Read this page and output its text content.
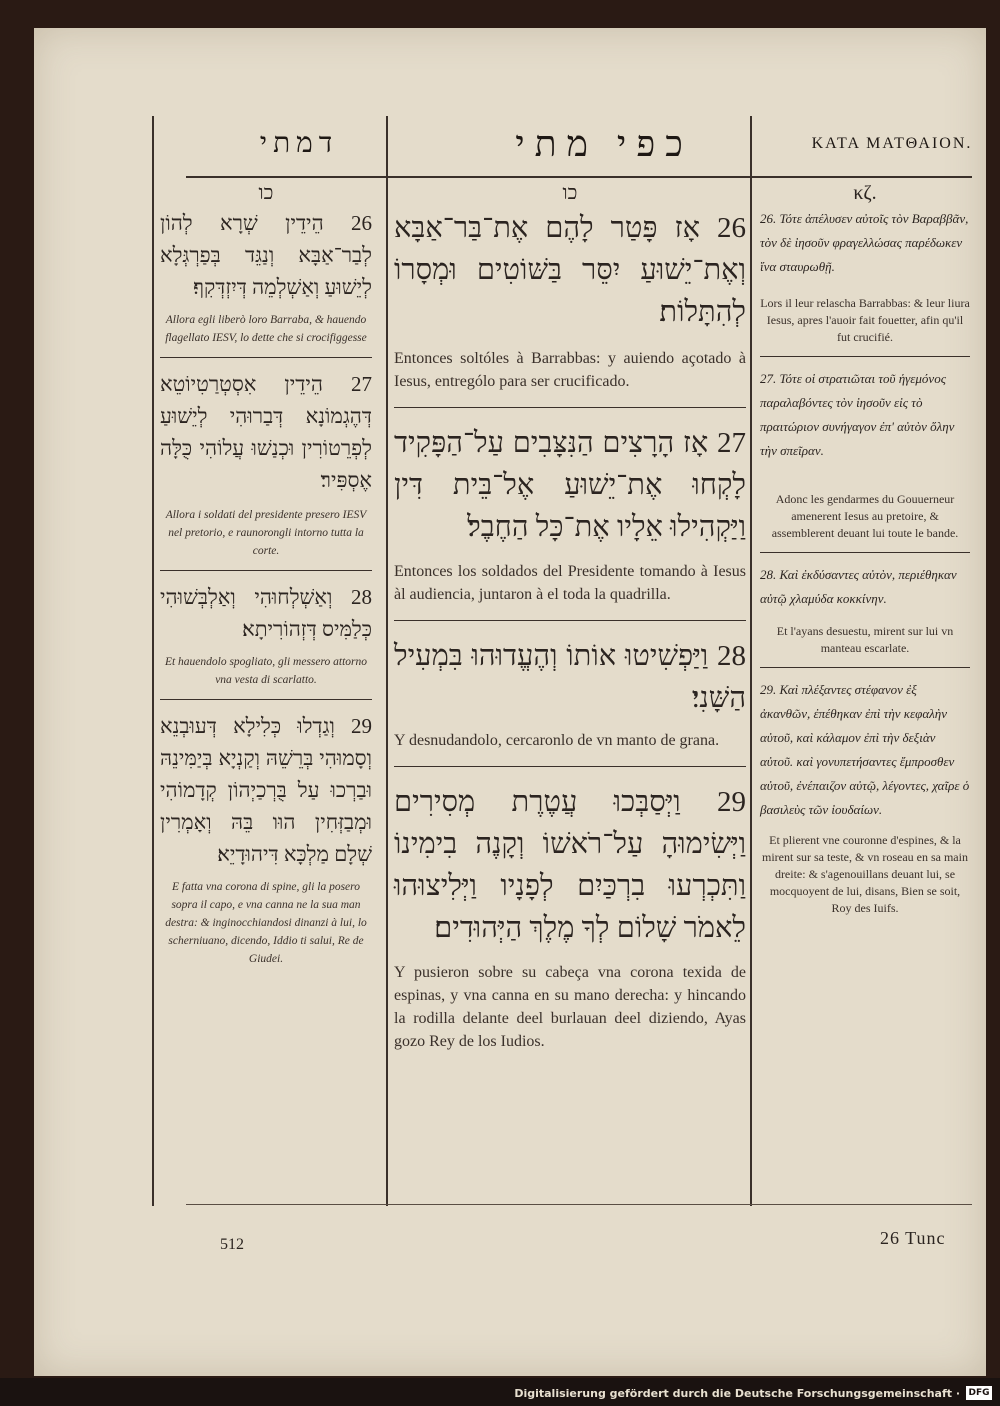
דמתי	כפי מתי	ΚΑΤΑ ΜΑΤΘΑΙΟΝ.
כו
26 הֵידֵין שְׁרָא לְהוֹן לְבַר־אַבָּא וְנַגֵּד בְּפַרְגְּלָא לְיֵשׁוּעַ וְאַשְׁלְמֵה דְּיִזְדְּקִף׃
Allora egli liberò loro Barraba, & hauendo flagellato IESV, lo dette che si crocifiggesse
27 הֵידֵין אִסְטְרַטִיוֹטֵא דְּהֶגְמוֹנָא דְּבַרוּהִי לְיֵשׁוּעַ לְפְרֵטוֹרִין וּכְנַשׁוּ עֲלוֹהִי כֻּלָּה אֶסְפִּיר׃
Allora i soldati del presidente presero IESV nel pretorio, e raunorongli intorno tutta la corte.
28 וְאַשְׁלְחוּהִי וְאַלְבְּשׁוּהִי כְּלַמִּיס דְּזְהוֹרִיתָא׃
Et hauendolo spogliato, gli messero attorno vna vesta di scarlatto.
29 וְגַדְלוּ כְּלִילָא דְּעוּבְנֵא וְסָמוּהִי בְּרֵשֵׁהּ וְקַנְיָא בְּיַמִּינֵהּ וּבַרְכוּ עַל בֻּרְכַיְהוֹן קְדָמוֹהִי וּמְבַזְּחִין הוּו בֵּהּ וְאָמְרִין שְׁלָם מַלְכָּא דִּיהוּדָיֵא׃
E fatta vna corona di spine, gli la posero sopra il capo, e vna canna ne la sua man destra: & inginocchiandosi dinanzi à lui, lo scherniuano, dicendo, Iddio ti salui, Re de Giudei.
כו
26 אָז פָּטַר לָהֶם אֶת־בַּר־אַבָּא וְאֶת־יֵשׁוּעַ יִסֵּר בַּשּׁוֹטִים וּמְסָרוֹ לְהִתָּלוֹת׃
Entonces soltóles à Barrabbas: y auiendo açotado à Iesus, entrególo para ser crucificado.
27 אָז הָרָצִים הַנִּצָּבִים עַל־הַפָּקִיד לָקְחוּ אֶת־יֵשׁוּעַ אֶל־בֵּית דִּין וַיַּקְהִילוּ אֵלָיו אֶת־כָּל הַחֶבֶל׃
Entonces los soldados del Presidente tomando à Iesus àl audiencia, juntaron à el toda la quadrilla.
28 וַיַּפְשִׁיטוּ אוֹתוֹ וְהֶעֱדוּהוּ בִּמְעִיל הַשָּׁנִי׃
Y desnudandolo, cercaronlo de vn manto de grana.
29 וַיְּסַבְּכוּ עֲטֶרֶת מְסִירִים וַיְּשִׂימוּהָ עַל־רֹאשׁוֹ וְקָנֶה בִימִינוֹ וַתִּכְרְעוּ בִרְכַּיִם לְפָנָיו וַיְּלִיצוּהוּ לֵאמֹר שָׁלוֹם לְךָ מֶלֶךְ הַיְּהוּדִים׃
Y pusieron sobre su cabeça vna corona texida de espinas, y vna canna en su mano derecha: y hincando la rodilla delante deel burlauan deel diziendo, Ayas gozo Rey de los Iudios.
κζ.
26. Τότε ἀπέλυσεν αὐτοῖς τὸν Βαραββᾶν, τὸν δὲ ἰησοῦν φραγελλώσας παρέδωκεν ἵνα σταυρωθῇ.
Lors il leur relascha Barrabbas: & leur liura Iesus, apres l'auoir fait fouetter, afin qu'il fut crucifié.
27. Τότε οἱ στρατιῶται τοῦ ἡγεμόνος παραλαβόντες τὸν ἰησοῦν εἰς τὸ πραιτώριον συνήγαγον ἐπ' αὐτὸν ὅλην τὴν σπεῖραν.
Adonc les gendarmes du Gouuerneur amenerent Iesus au pretoire, & assemblerent deuant lui toute le bande.
28. Καὶ ἐκδύσαντες αὐτὸν, περιέθηκαν αὐτῷ χλαμύδα κοκκίνην.
Et l'ayans desuestu, mirent sur lui vn manteau escarlate.
29. Καὶ πλέξαντες στέφανον ἐξ ἀκανθῶν, ἐπέθηκαν ἐπὶ τὴν κεφαλὴν αὐτοῦ, καὶ κάλαμον ἐπὶ τὴν δεξιὰν αὐτοῦ. καὶ γονυπετήσαντες ἔμπροσθεν αὐτοῦ, ἐνέπαιζον αὐτῷ, λέγοντες, χαῖρε ὁ βασιλεὺς τῶν ἰουδαίων.
Et plierent vne couronne d'espines, & la mirent sur sa teste, & vn roseau en sa main dreite: & s'agenouillans deuant lui, se mocquoyent de lui, disans, Bien se soit, Roy des Iuifs.
512	26 Tunc
Digitalisierung gefördert durch die Deutsche Forschungsgemeinschaft · DFG
